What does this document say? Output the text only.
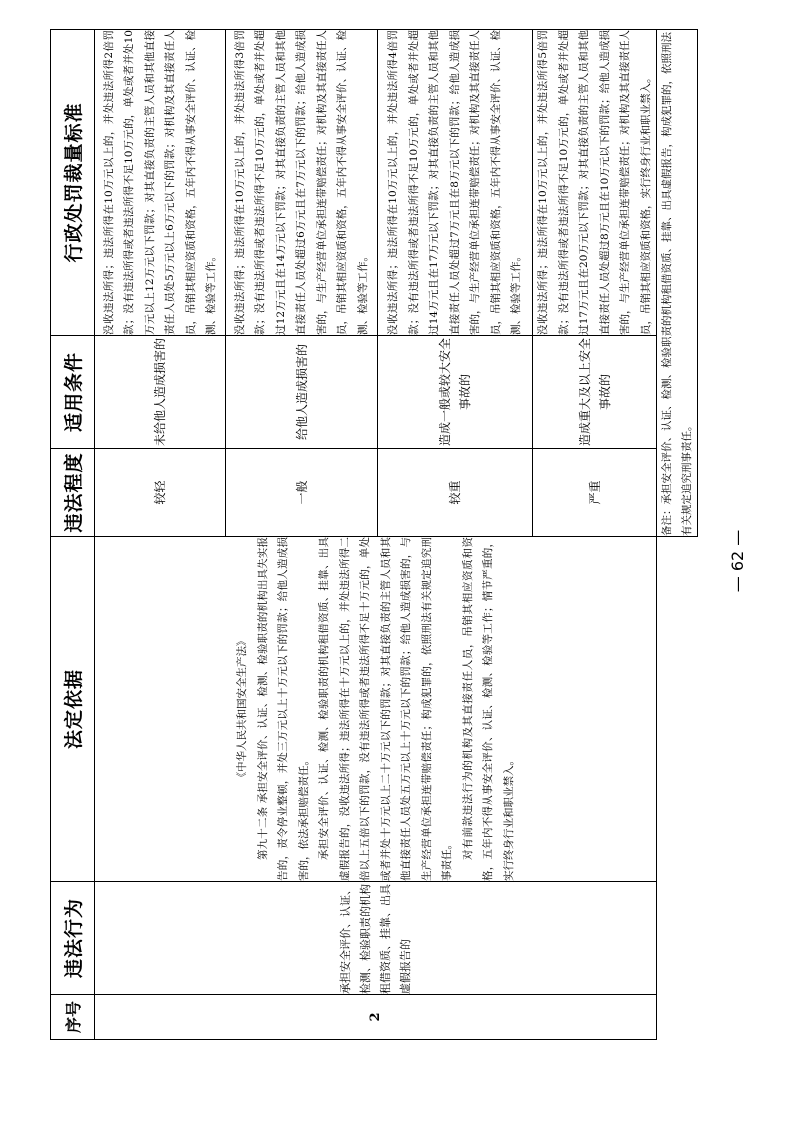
序号	违法行为	法定依据	违法程度	适用条件	行政处罚裁量标准
2	承担安全评价、认证、检测、检验职责的机构租借资质、挂靠、出具虚假报告的	《中华人民共和国安全生产法》 第九十二条 承担安全评价、认证、检测、检验职责的机构出具失实报告的，责令停业整顿，并处三万元以上十万元以下的罚款；给他人造成损害的，依法承担赔偿责任。 承担安全评价、认证、检测、检验职责的机构租借资质、挂靠、出具虚假报告的，没收违法所得；违法所得在十万元以上的，并处违法所得二倍以上五倍以下的罚款，没有违法所得或者违法所得不足十万元的，单处或者并处十万元以上二十万元以下的罚款；对其直接负责的主管人员和其他直接责任人员处五万元以上十万元以下的罚款；给他人造成损害的，与生产经营单位承担连带赔偿责任；构成犯罪的，依照刑法有关规定追究刑事责任。 对有前款违法行为的机构及其直接责任人员，吊销其相应资质和资格，五年内不得从事安全评价、认证、检测、检验等工作；情节严重的，实行终身行业和职业禁入。	较轻	未给他人造成损害的	没收违法所得；违法所得在10万元以上的，并处违法所得2倍罚款；没有违法所得或者违法所得不足10万元的，单处或者并处10万元以上12万元以下罚款；对其直接负责的主管人员和其他直接责任人员处5万元以上6万元以下的罚款；对机构及其直接责任人员，吊销其相应资质和资格，五年内不得从事安全评价、认证、检测、检验等工作。
			一般	给他人造成损害的	没收违法所得；违法所得在10万元以上的，并处违法所得3倍罚款；没有违法所得或者违法所得不足10万元的，单处或者并处超过12万元且在14万元以下罚款；对其直接负责的主管人员和其他直接责任人员处超过6万元且在7万元以下的罚款；给他人造成损害的，与生产经营单位承担连带赔偿责任；对机构及其直接责任人员，吊销其相应资质和资格，五年内不得从事安全评价、认证、检测、检验等工作。
			较重	造成一般或较大安全事故的	没收违法所得；违法所得在10万元以上的，并处违法所得4倍罚款；没有违法所得或者违法所得不足10万元的，单处或者并处超过14万元且在17万元以下罚款；对其直接负责的主管人员和其他直接责任人员处超过7万元且在8万元以下的罚款；给他人造成损害的，与生产经营单位承担连带赔偿责任；对机构及其直接责任人员，吊销其相应资质和资格，五年内不得从事安全评价、认证、检测、检验等工作。
			严重	造成重大及以上安全事故的	没收违法所得；违法所得在10万元以上的，并处违法所得5倍罚款；没有违法所得或者违法所得不足10万元的，单处或者并处超过17万元且在20万元以下罚款；对其直接负责的主管人员和其他直接责任人员处超过8万元且在10万元以下的罚款；给他人造成损害的，与生产经营单位承担连带赔偿责任；对机构及其直接责任人员，吊销其相应资质和资格，实行终身行业和职业禁入。
			备注：承担安全评价、认证、检测、检验职责的机构租借资质、挂靠、出具虚假报告，构成犯罪的，依照刑法有关规定追究刑事责任。		
— 62 —
